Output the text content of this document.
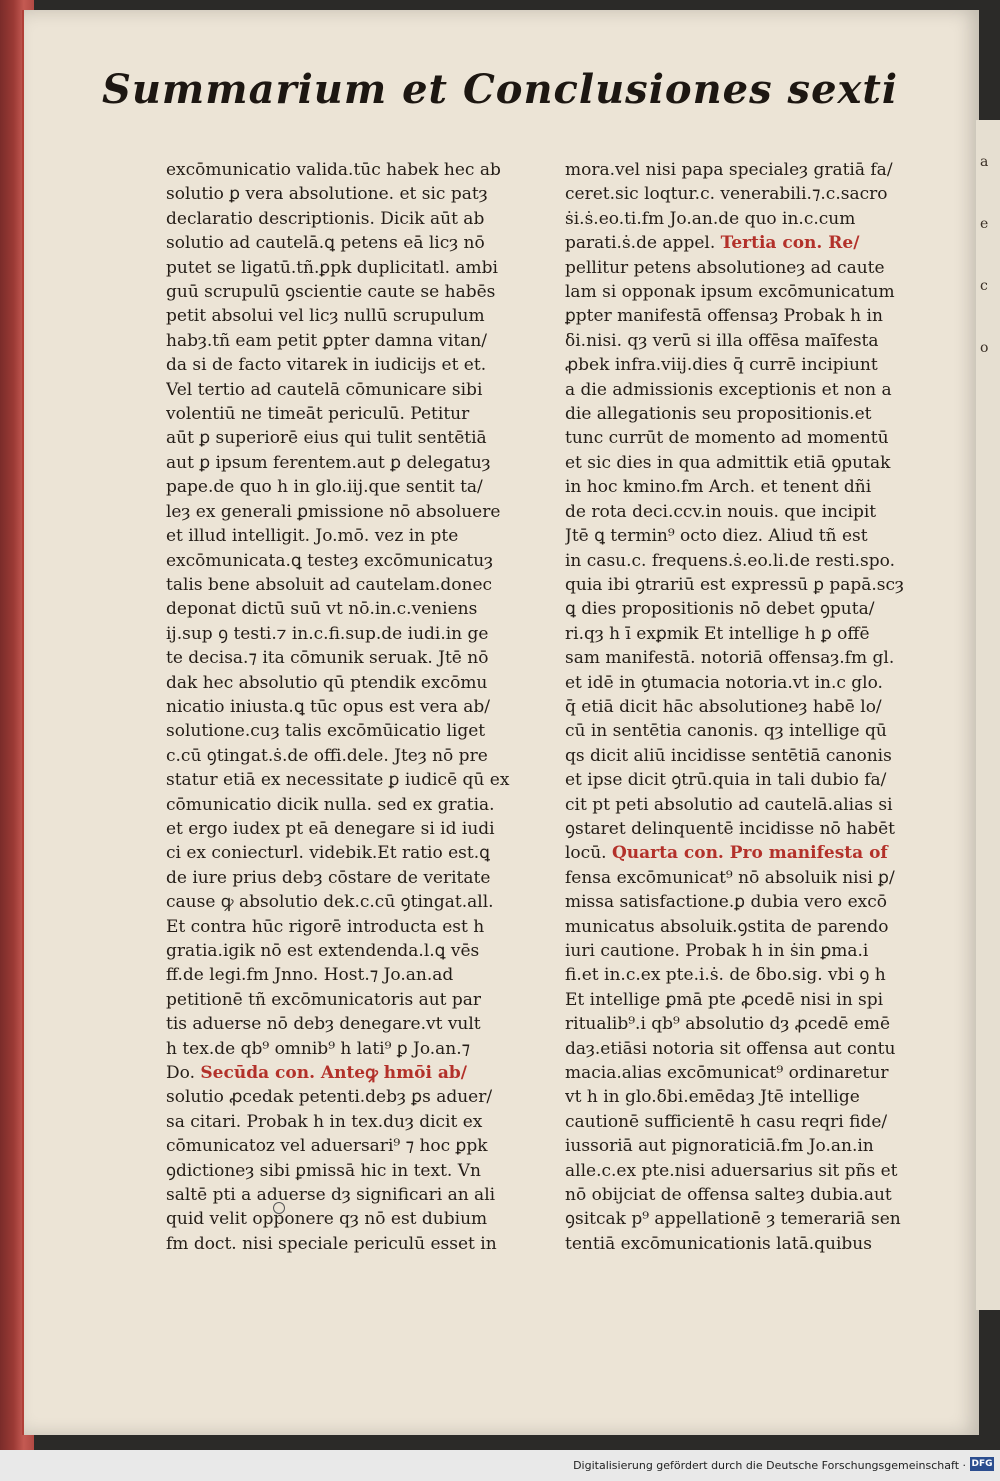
a
e
c
o
Summarium et Conclusiones sexti
excōmunicatio valida.tūc habek hec ab
solutio ꝑ vera absolutione. et sic patȝ
declaratio descriptionis. Dicik aūt ab
solutio ad cautelā.ꝗ petens eā licȝ nō
putet se ligatū.tñ.ꝑpk duplicitatl. ambi
guū scrupulū ꝯscientie caute se habēs
petit absolui vel licȝ nullū scrupulum
habȝ.tñ eam petit ꝑpter damna vitan/
da si de facto vitarek in iudicijs et et.
Vel tertio ad cautelā cōmunicare sibi
volentiū ne timeāt periculū. Petitur
aūt ꝑ superiorē eius qui tulit sentētiā
aut ꝑ ipsum ferentem.aut ꝑ delegatuȝ
pape.de quo h in glo.iij.que sentit ta/
leȝ ex generali ꝑmissione nō absoluere
et illud intelligit. Jo.mō. vez in pte
excōmunicata.ꝗ testeȝ excōmunicatuȝ
talis bene absoluit ad cautelam.donec
deponat dictū suū vt nō.in.c.veniens
ij.sup ꝯ testi.⁊ in.c.fi.sup.de iudi.in ge
te decisa.⁊ ita cōmunik seruak. Jtē nō
dak hec absolutio qū ptendik excōmu
nicatio iniusta.ꝗ tūc opus est vera ab/
solutione.cuȝ talis excōmūicatio liget
c.cū ꝯtingat.ṡ.de offi.dele. Jteȝ nō pre
statur etiā ex necessitate ꝑ iudicē qū ex
cōmunicatio dicik nulla. sed ex gratia.
et ergo iudex pt eā denegare si id iudi
ci ex coniecturl. videbik.Et ratio est.ꝗ
de iure prius debȝ cōstare de veritate
cause ꝙ absolutio dek.c.cū ꝯtingat.all.
Et contra hūc rigorē introducta est h
gratia.igik nō est extendenda.l.ꝗ vēs
ff.de legi.fm Jnno. Host.⁊ Jo.an.ad
petitionē tñ excōmunicatoris aut par
tis aduerse nō debȝ denegare.vt vult
h tex.de qb⁹ omnib⁹ h lati⁹ ꝑ Jo.an.⁊
Do. Secūda con. Anteꝙ hmōi ab/
solutio ꝓcedak petenti.debȝ ꝑs aduer/
sa citari. Probak h in tex.duȝ dicit ex
cōmunicatoz vel aduersari⁹ ⁊ hoc ꝑpk
ꝯdictioneȝ sibi ꝑmissā hic in text. Vn
saltē pti a aduerse dȝ significari an ali
quid velit opponere qȝ nō est dubium
fm doct. nisi speciale periculū esset in
mora.vel nisi papa specialeȝ gratiā fa/
ceret.sic loqtur.c. venerabili.⁊.c.sacro
ṡi.ṡ.eo.ti.fm Jo.an.de quo in.c.cum
parati.ṡ.de appel. Tertia con. Re/
pellitur petens absolutioneȝ ad caute
lam si opponak ipsum excōmunicatum
ꝑpter manifestā offensaȝ Probak h in
ẟi.nisi. qȝ verū si illa offēsa maīfesta
ꝓbek infra.viij.dies q̄ currē incipiunt
a die admissionis exceptionis et non a
die allegationis seu propositionis.et
tunc currūt de momento ad momentū
et sic dies in qua admittik etiā ꝯputak
in hoc kmino.fm Arch. et tenent dñi
de rota deci.ccv.in nouis. que incipit
Jtē ꝗ termin⁹ octo diez. Aliud tñ est
in casu.c. frequens.ṡ.eo.li.de resti.spo.
quia ibi ꝯtrariū est expressū ꝑ papā.scȝ
ꝗ dies propositionis nō debet ꝯputa/
ri.qȝ h ī exꝑmik Et intellige h ꝑ offē
sam manifestā. notoriā offensaȝ.fm gl.
et idē in ꝯtumacia notoria.vt in.c glo.
q̄ etiā dicit hāc absolutioneȝ habē lo/
cū in sentētia canonis. qȝ intellige qū
qs dicit aliū incidisse sentētiā canonis
et ipse dicit ꝯtrū.quia in tali dubio fa/
cit pt peti absolutio ad cautelā.alias si
ꝯstaret delinquentē incidisse nō habēt
locū. Quarta con. Pro manifesta of
fensa excōmunicat⁹ nō absoluik nisi ꝑ/
missa satisfactione.ꝑ dubia vero excō
municatus absoluik.ꝯstita de parendo
iuri cautione. Probak h in ṡin ꝑma.i
fi.et in.c.ex pte.i.ṡ. de ẟbo.sig. vbi ꝯ h
Et intellige ꝑmā pte ꝓcedē nisi in spi
ritualib⁹.i qb⁹ absolutio dȝ ꝓcedē emē
daȝ.etiāsi notoria sit offensa aut contu
macia.alias excōmunicat⁹ ordinaretur
vt h in glo.ẟbi.emēdaȝ Jtē intellige
cautionē sufficientē h casu reqri fide/
iussoriā aut pignoraticiā.fm Jo.an.in
alle.c.ex pte.nisi aduersarius sit pñs et
nō obijciat de offensa salteȝ dubia.aut
ꝯsitcak p⁹ appellationē ȝ temerariā sen
tentiā excōmunicationis latā.quibus
Digitalisierung gefördert durch die Deutsche Forschungsgemeinschaft · DFG
